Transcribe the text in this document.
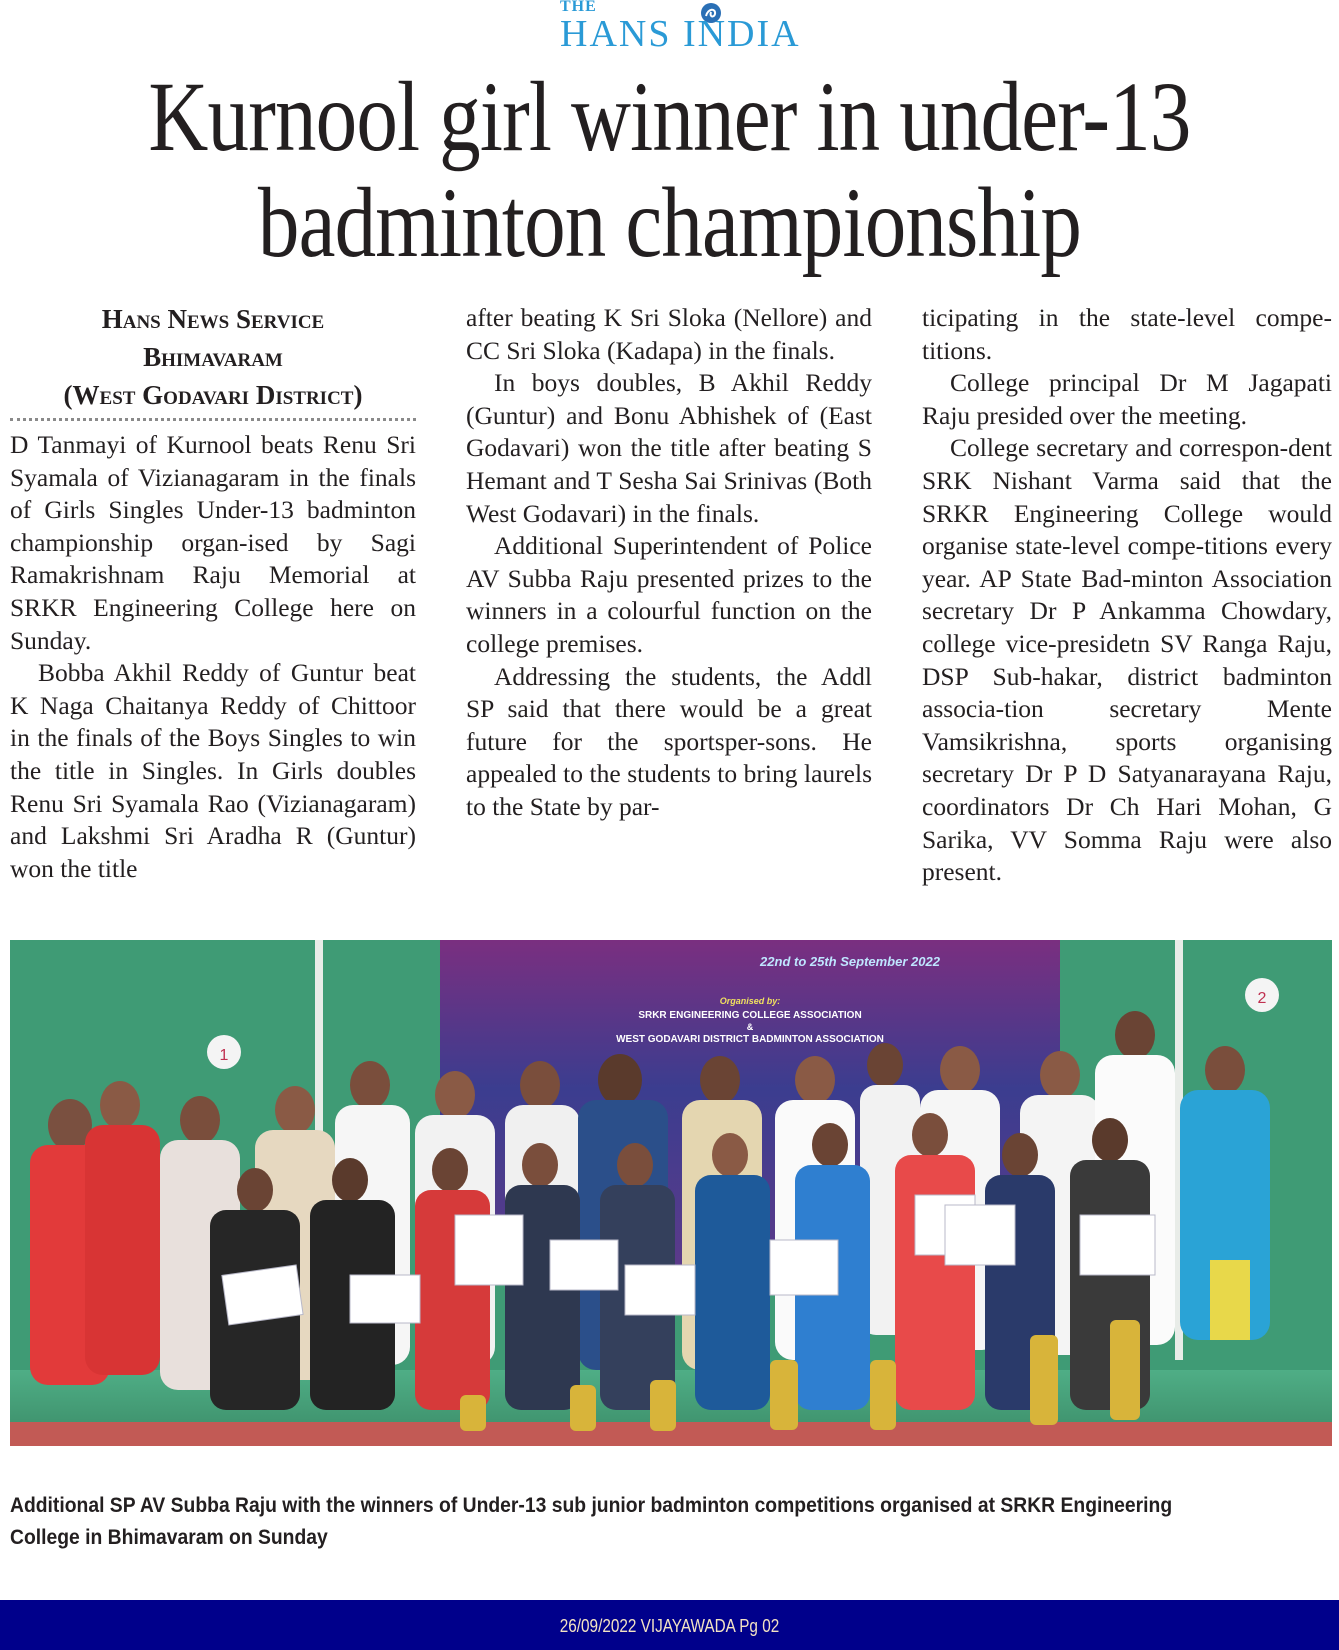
THE
HANS INDIA
Kurnool girl winner in under-13
badminton championship
Hans News Service
Bhimavaram
(West Godavari District)

D Tanmayi of Kurnool beats Renu Sri Syamala of Vizianagaram in the finals of Girls Singles Under-13 badminton championship organ-ised by Sagi Ramakrishnam Raju Memorial at SRKR Engineering College here on Sunday.

Bobba Akhil Reddy of Guntur beat K Naga Chaitanya Reddy of Chittoor in the finals of the Boys Singles to win the title in Singles. In Girls doubles Renu Sri Syamala Rao (Vizianagaram) and Lakshmi Sri Aradha R (Guntur) won the title

after beating K Sri Sloka (Nellore) and CC Sri Sloka (Kadapa) in the finals.

In boys doubles, B Akhil Reddy (Guntur) and Bonu Abhishek of (East Godavari) won the title after beating S Hemant and T Sesha Sai Srinivas (Both West Godavari) in the finals.

Additional Superintendent of Police AV Subba Raju presented prizes to the winners in a colourful function on the college premises.

Addressing the students, the Addl SP said that there would be a great future for the sportsper-sons. He appealed to the students to bring laurels to the State by par-

ticipating in the state-level compe-titions.

College principal Dr M Jagapati Raju presided over the meeting.

College secretary and correspon-dent SRK Nishant Varma said that the SRKR Engineering College would organise state-level compe-titions every year. AP State Bad-minton Association secretary Dr P Ankamma Chowdary, college vice-presidetn SV Ranga Raju, DSP Sub-hakar, district badminton associa-tion secretary Mente Vamsikrishna, sports organising secretary Dr P D Satyanarayana Raju, coordinators Dr Ch Hari Mohan, G Sarika, VV Somma Raju were also present.

22nd to 25th September 2022
Organised by:
SRKR ENGINEERING COLLEGE ASSOCIATION
&
WEST GODAVARI DISTRICT BADMINTON ASSOCIATION
1
2
Additional SP AV Subba Raju with the winners of Under-13 sub junior badminton competitions organised at SRKR Engineering College in Bhimavaram on Sunday
26/09/2022 VIJAYAWADA Pg 02
